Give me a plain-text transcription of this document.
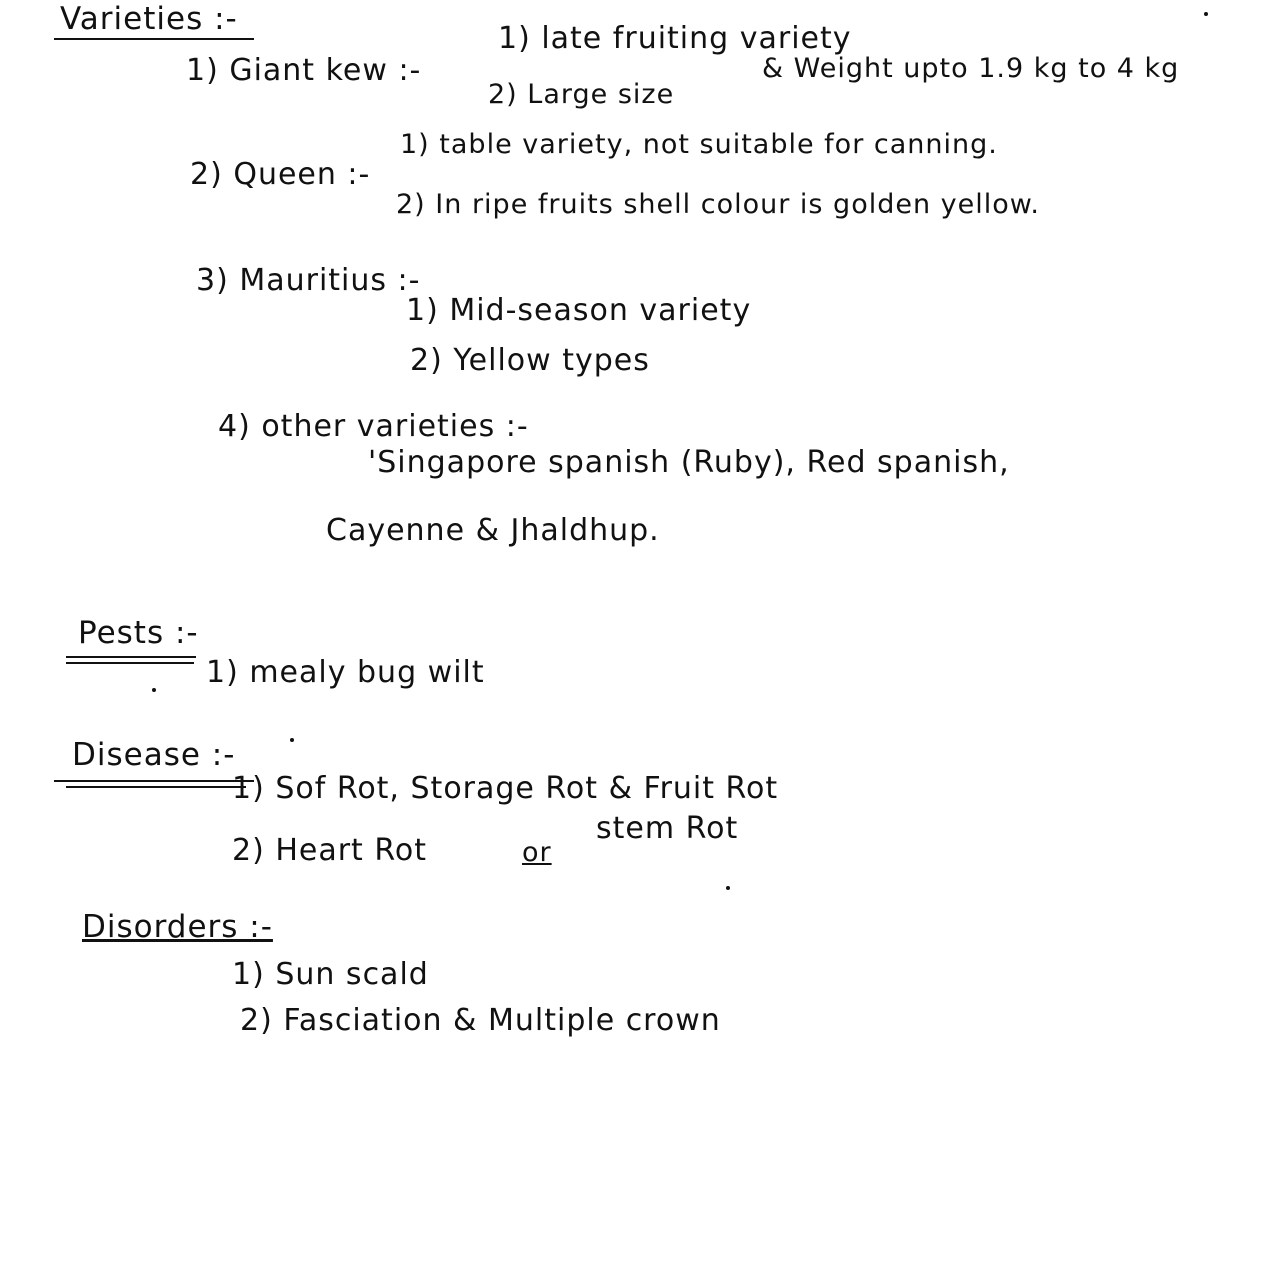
Varieties :-
1) Giant kew :-
1) late fruiting variety
2) Large size
& Weight upto 1.9 kg to 4 kg
2) Queen :-
1) table variety, not suitable for canning.
2) In ripe fruits shell colour is golden yellow.
3) Mauritius :-
1) Mid-season variety
2) Yellow types
4) other varieties :-
'Singapore spanish (Ruby), Red spanish,
Cayenne & Jhaldhup.
Pests :-
1) mealy bug wilt
Disease :-
1) Sof Rot, Storage Rot & Fruit Rot
2) Heart Rot	or
stem Rot
Disorders :-
1) Sun scald
2) Fasciation & Multiple crown
